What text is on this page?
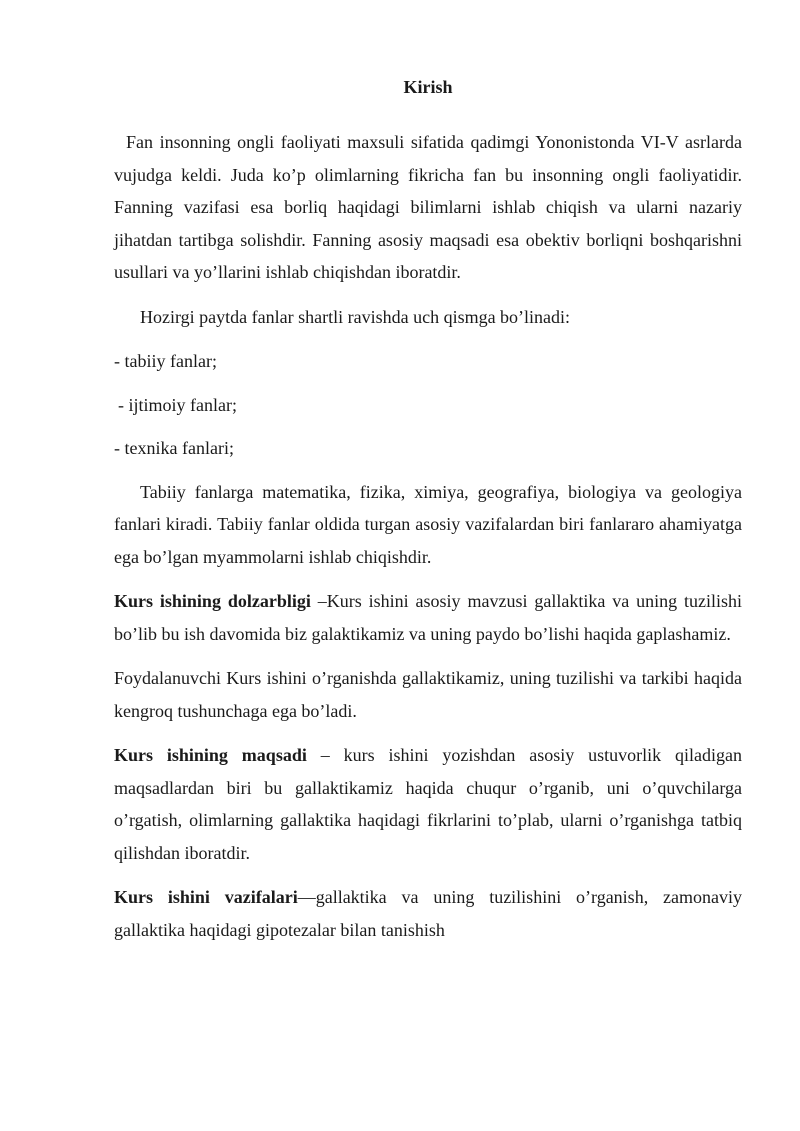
Kirish

Fan insonning ongli faoliyati maxsuli sifatida qadimgi Yononistonda VI-V asrlarda vujudga keldi. Juda ko’p olimlarning fikricha fan bu insonning ongli faoliyatidir. Fanning vazifasi esa borliq haqidagi bilimlarni ishlab chiqish va ularni nazariy jihatdan tartibga solishdir. Fanning asosiy maqsadi esa obektiv borliqni boshqarishni usullari va yo’llarini ishlab chiqishdan iboratdir.

Hozirgi paytda fanlar shartli ravishda uch qismga bo’linadi:

- tabiiy fanlar;

- ijtimoiy fanlar;

- texnika fanlari;

Tabiiy fanlarga matematika, fizika, ximiya, geografiya, biologiya va geologiya fanlari kiradi. Tabiiy fanlar oldida turgan asosiy vazifalardan biri fanlararo ahamiyatga ega bo’lgan myammolarni ishlab chiqishdir.

Kurs ishining dolzarbligi –Kurs ishini asosiy mavzusi gallaktika va uning tuzilishi bo’lib bu ish davomida biz galaktikamiz va uning paydo bo’lishi haqida gaplashamiz.

Foydalanuvchi Kurs ishini o’rganishda gallaktikamiz, uning tuzilishi va tarkibi haqida kengroq tushunchaga ega bo’ladi.

Kurs ishining maqsadi – kurs ishini yozishdan asosiy ustuvorlik qiladigan maqsadlardan biri bu gallaktikamiz haqida chuqur o’rganib, uni o’quvchilarga o’rgatish, olimlarning gallaktika haqidagi fikrlarini to’plab, ularni o’rganishga tatbiq qilishdan iboratdir.

Kurs ishini vazifalari—gallaktika va uning tuzilishini o’rganish, zamonaviy gallaktika haqidagi gipotezalar bilan tanishish
